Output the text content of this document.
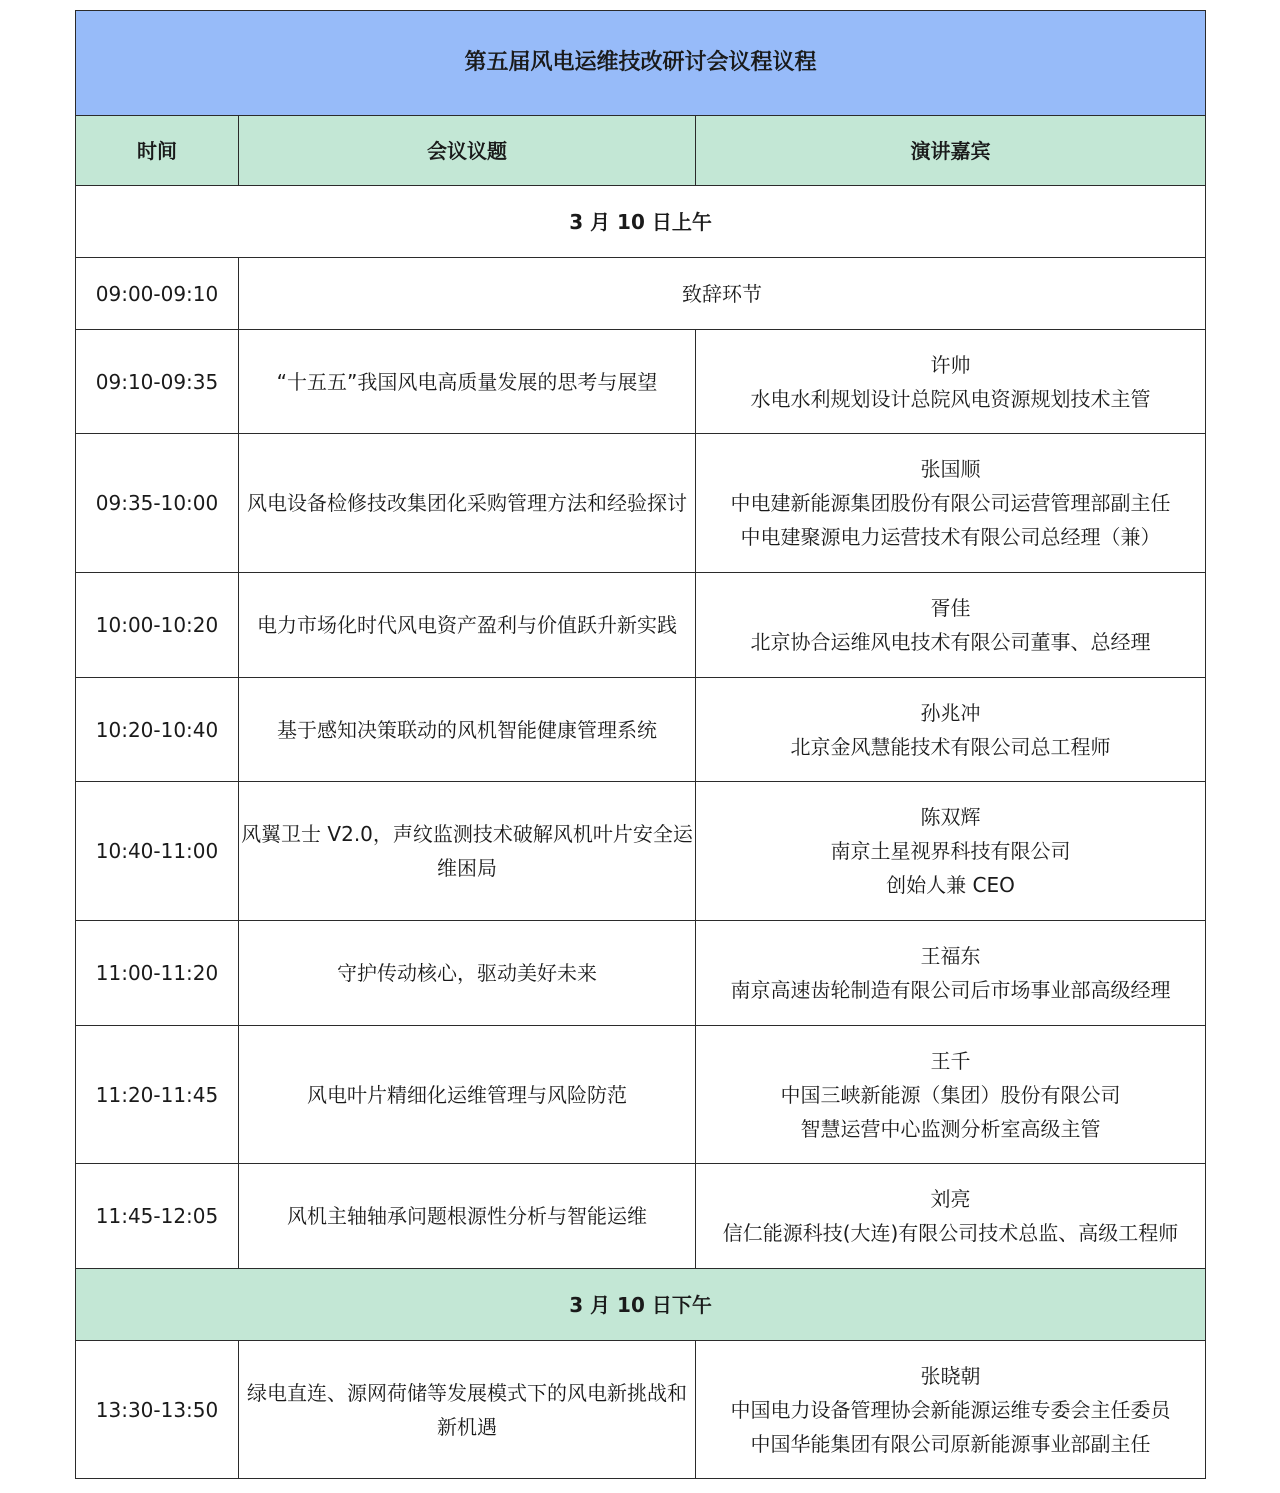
第五届风电运维技改研讨会议程议程		
时间	会议议题	演讲嘉宾
3 月 10 日上午		
09:00-09:10	致辞环节	
09:10-09:35	“十五五”我国风电高质量发展的思考与展望	许帅
水电水利规划设计总院风电资源规划技术主管

09:35-10:00	风电设备检修技改集团化采购管理方法和经验探讨	张国顺
中电建新能源集团股份有限公司运营管理部副主任
中电建聚源电力运营技术有限公司总经理（兼）

10:00-10:20	电力市场化时代风电资产盈利与价值跃升新实践	胥佳
北京协合运维风电技术有限公司董事、总经理

10:20-10:40	基于感知决策联动的风机智能健康管理系统	孙兆冲
北京金风慧能技术有限公司总工程师

10:40-11:00	风翼卫士 V2.0，声纹监测技术破解风机叶片安全运维困局	陈双辉
南京土星视界科技有限公司
创始人兼 CEO

11:00-11:20	守护传动核心，驱动美好未来	王福东
南京高速齿轮制造有限公司后市场事业部高级经理

11:20-11:45	风电叶片精细化运维管理与风险防范	王千
中国三峡新能源（集团）股份有限公司
智慧运营中心监测分析室高级主管

11:45-12:05	风机主轴轴承问题根源性分析与智能运维	刘亮
信仁能源科技(大连)有限公司技术总监、高级工程师

3 月 10 日下午		
13:30-13:50	绿电直连、源网荷储等发展模式下的风电新挑战和新机遇	张晓朝
中国电力设备管理协会新能源运维专委会主任委员
中国华能集团有限公司原新能源事业部副主任
